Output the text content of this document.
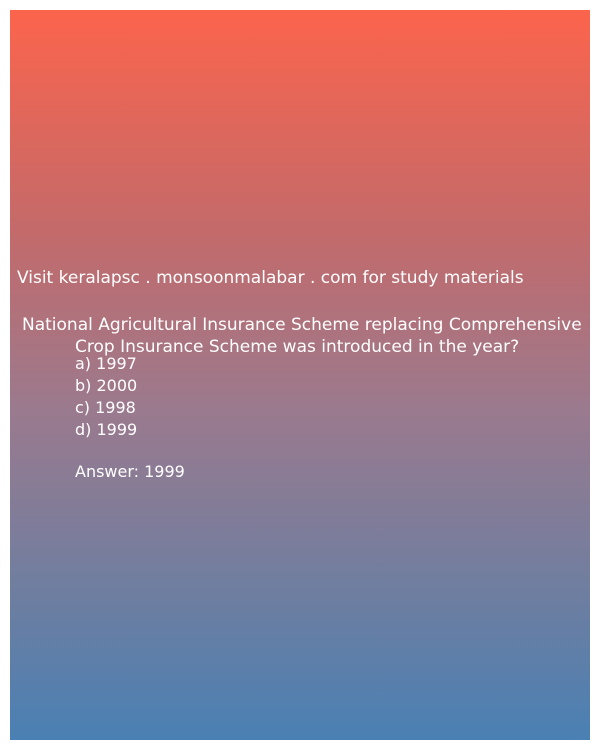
Visit keralapsc . monsoonmalabar . com for study materials
National Agricultural Insurance Scheme replacing Comprehensive
Crop Insurance Scheme was introduced in the year?
a) 1997
b) 2000
c) 1998
d) 1999
Answer: 1999
